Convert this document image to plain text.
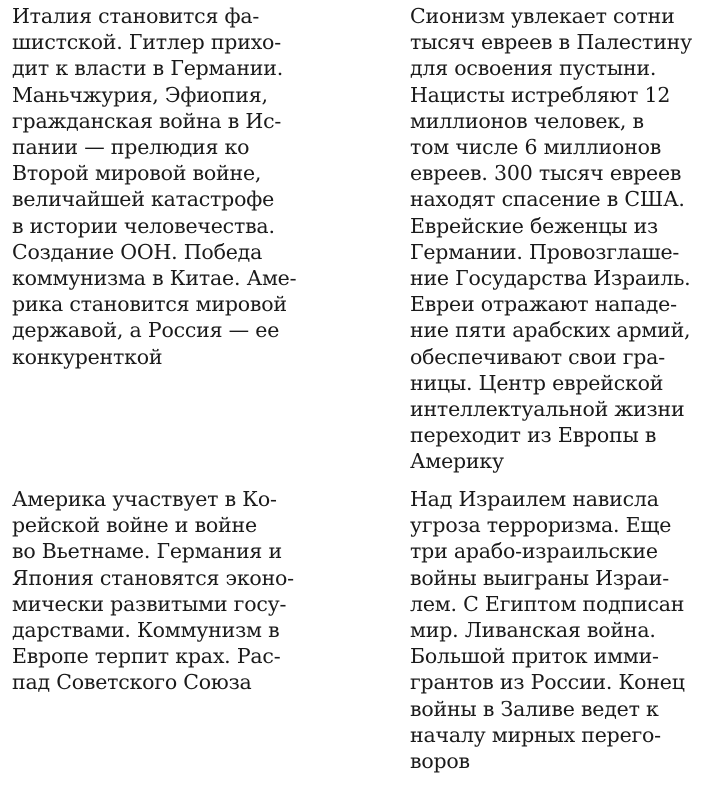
Италия становится фа-
шистской. Гитлер прихо-
дит к власти в Германии.
Маньчжурия, Эфиопия,
гражданская война в Ис-
пании — прелюдия ко
Второй мировой войне,
величайшей катастрофе
в истории человечества.
Создание ООН. Победа
коммунизма в Китае. Аме-
рика становится мировой
державой, а Россия — ее
конкуренткой

Сионизм увлекает сотни
тысяч евреев в Палестину
для освоения пустыни.
Нацисты истребляют 12
миллионов человек, в
том числе 6 миллионов
евреев. 300 тысяч евреев
находят спасение в США.
Еврейские беженцы из
Германии. Провозглаше-
ние Государства Израиль.
Евреи отражают нападе-
ние пяти арабских армий,
обеспечивают свои гра-
ницы. Центр еврейской
интеллектуальной жизни
переходит из Европы в
Америку

Америка участвует в Ко-
рейской войне и войне
во Вьетнаме. Германия и
Япония становятся эконо-
мически развитыми госу-
дарствами. Коммунизм в
Европе терпит крах. Рас-
пад Советского Союза

Над Израилем нависла
угроза терроризма. Еще
три арабо-израильские
войны выиграны Израи-
лем. С Египтом подписан
мир. Ливанская война.
Большой приток имми-
грантов из России. Конец
войны в Заливе ведет к
началу мирных перего-
воров
